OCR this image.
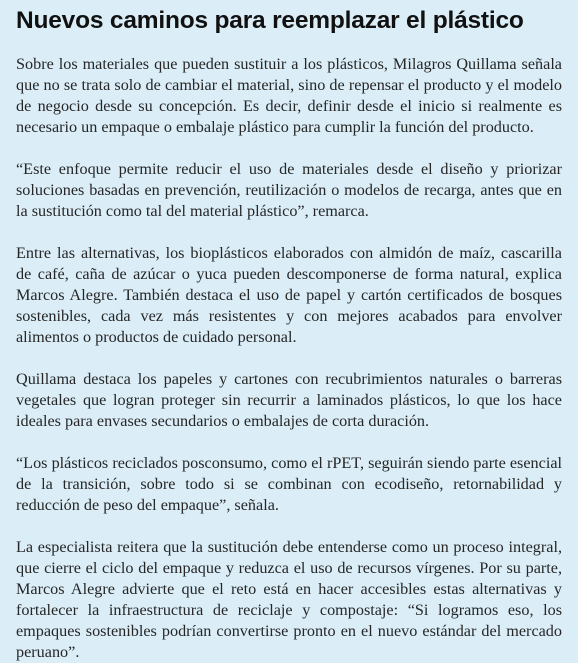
Nuevos caminos para reemplazar el plástico

Sobre los materiales que pueden sustituir a los plásticos, Milagros Quillama señala que no se trata solo de cambiar el material, sino de repensar el producto y el modelo de negocio desde su concepción. Es decir, definir desde el inicio si realmente es necesario un empaque o embalaje plástico para cumplir la función del producto.

“Este enfoque permite reducir el uso de materiales desde el diseño y priorizar soluciones basadas en prevención, reutilización o modelos de recarga, antes que en la sustitución como tal del material plástico”, remarca.

Entre las alternativas, los bioplásticos elaborados con almidón de maíz, cascarilla de café, caña de azúcar o yuca pueden descomponerse de forma natural, explica Marcos Alegre. También destaca el uso de papel y cartón certificados de bosques sostenibles, cada vez más resistentes y con mejores acabados para envolver alimentos o productos de cuidado personal.

Quillama destaca los papeles y cartones con recubrimientos naturales o barreras vegetales que logran proteger sin recurrir a laminados plásticos, lo que los hace ideales para envases secundarios o embalajes de corta duración.

“Los plásticos reciclados posconsumo, como el rPET, seguirán siendo parte esencial de la transición, sobre todo si se combinan con ecodiseño, retornabilidad y reducción de peso del empaque”, señala.

La especialista reitera que la sustitución debe entenderse como un proceso integral, que cierre el ciclo del empaque y reduzca el uso de recursos vírgenes. Por su parte, Marcos Alegre advierte que el reto está en hacer accesibles estas alternativas y fortalecer la infraestructura de reciclaje y compostaje: “Si logramos eso, los empaques sostenibles podrían convertirse pronto en el nuevo estándar del mercado peruano”.
